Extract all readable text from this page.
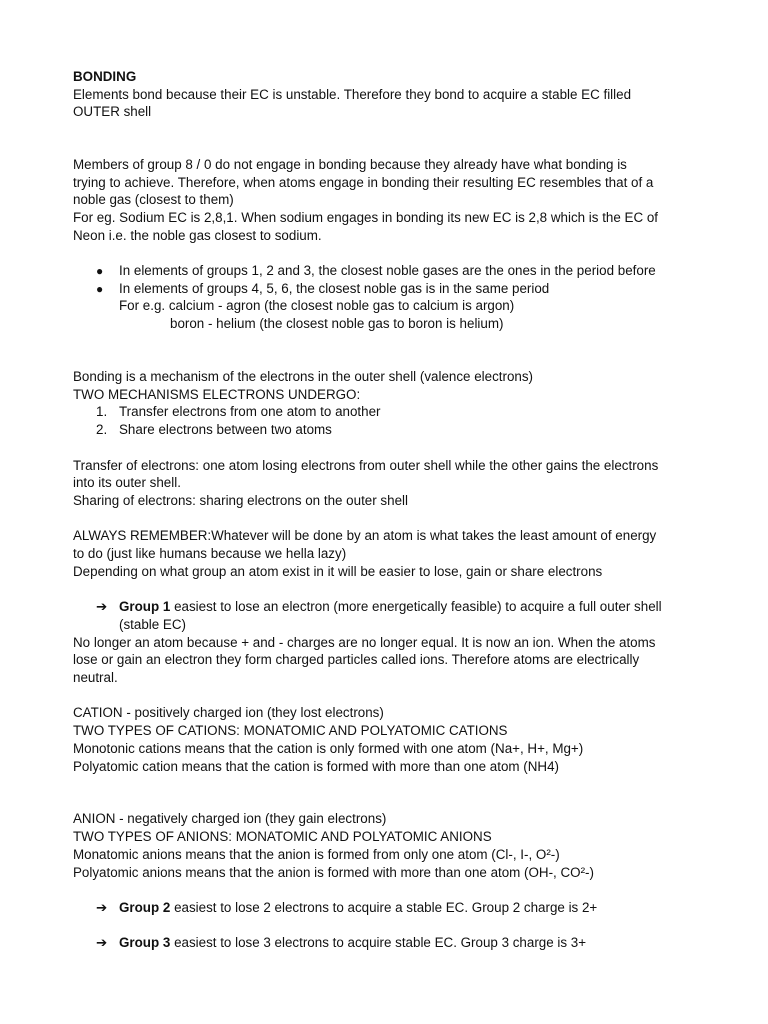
BONDING
Elements bond because their EC is unstable. Therefore they bond to acquire a stable EC filled
OUTER shell
Members of group 8 / 0 do not engage in bonding because they already have what bonding is
trying to achieve. Therefore, when atoms engage in bonding their resulting EC resembles that of a
noble gas (closest to them)
For eg. Sodium EC is 2,8,1. When sodium engages in bonding its new EC is 2,8 which is the EC of
Neon i.e. the noble gas closest to sodium.
● In elements of groups 1, 2 and 3, the closest noble gases are the ones in the period before
● In elements of groups 4, 5, 6, the closest noble gas is in the same period
For e.g. calcium - agron (the closest noble gas to calcium is argon)
boron - helium (the closest noble gas to boron is helium)
Bonding is a mechanism of the electrons in the outer shell (valence electrons)
TWO MECHANISMS ELECTRONS UNDERGO:
1. Transfer electrons from one atom to another
2. Share electrons between two atoms
Transfer of electrons: one atom losing electrons from outer shell while the other gains the electrons
into its outer shell.
Sharing of electrons: sharing electrons on the outer shell
ALWAYS REMEMBER:Whatever will be done by an atom is what takes the least amount of energy
to do (just like humans because we hella lazy)
Depending on what group an atom exist in it will be easier to lose, gain or share electrons
➔ Group 1 easiest to lose an electron (more energetically feasible) to acquire a full outer shell
(stable EC)
No longer an atom because + and - charges are no longer equal. It is now an ion. When the atoms
lose or gain an electron they form charged particles called ions. Therefore atoms are electrically
neutral.
CATION - positively charged ion (they lost electrons)
TWO TYPES OF CATIONS: MONATOMIC AND POLYATOMIC CATIONS
Monotonic cations means that the cation is only formed with one atom (Na+, H+, Mg+)
Polyatomic cation means that the cation is formed with more than one atom (NH4)
ANION - negatively charged ion (they gain electrons)
TWO TYPES OF ANIONS: MONATOMIC AND POLYATOMIC ANIONS
Monatomic anions means that the anion is formed from only one atom (Cl-, I-, O²-)
Polyatomic anions means that the anion is formed with more than one atom (OH-, CO²-)
➔ Group 2 easiest to lose 2 electrons to acquire a stable EC. Group 2 charge is 2+
➔ Group 3 easiest to lose 3 electrons to acquire stable EC. Group 3 charge is 3+
